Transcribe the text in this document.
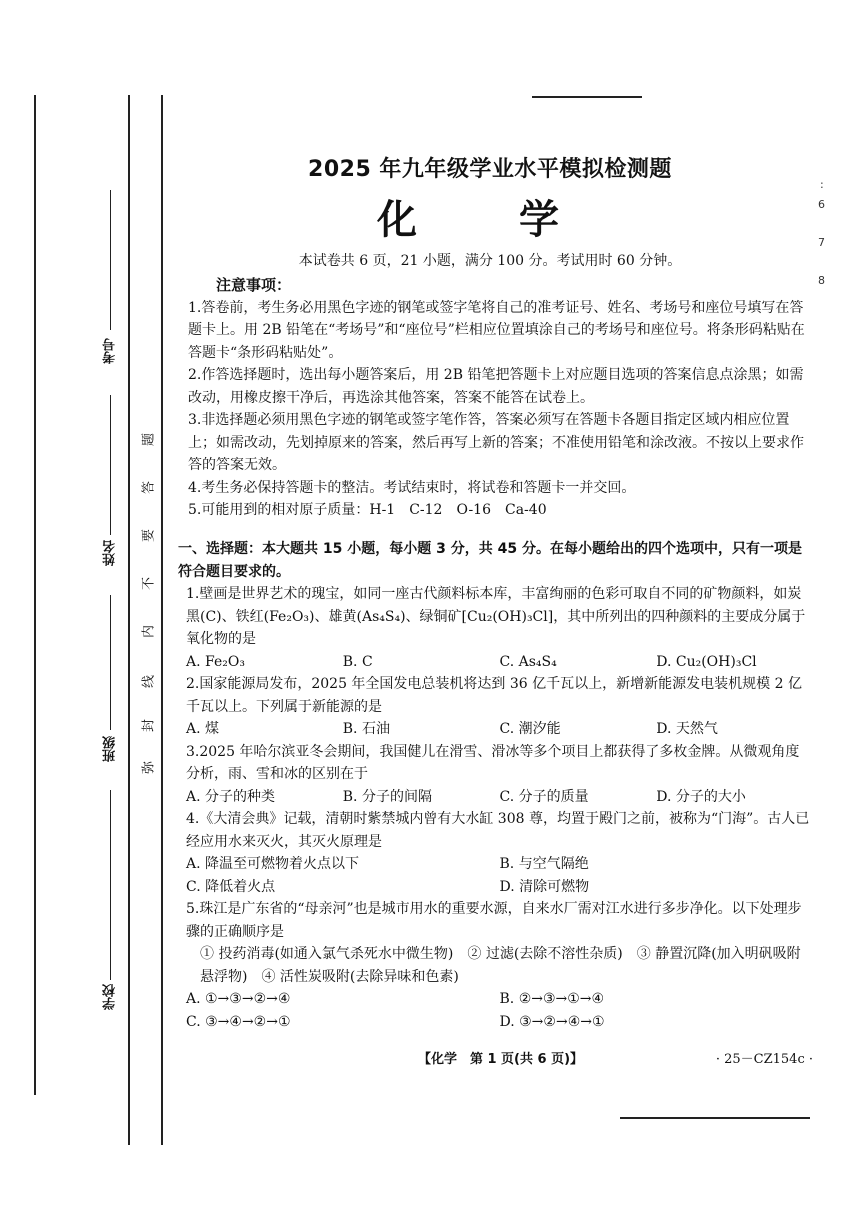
考号
姓名
班级
学校
题
答
要
不
内
线
封
弥
:
6
7
8
2025 年九年级学业水平模拟检测题
化 学
本试卷共 6 页，21 小题，满分 100 分。考试用时 60 分钟。
注意事项：

1.答卷前，考生务必用黑色字迹的钢笔或签字笔将自己的准考证号、姓名、考场号和座位号填写在答题卡上。用 2B 铅笔在“考场号”和“座位号”栏相应位置填涂自己的考场号和座位号。将条形码粘贴在答题卡“条形码粘贴处”。

2.作答选择题时，选出每小题答案后，用 2B 铅笔把答题卡上对应题目选项的答案信息点涂黑；如需改动，用橡皮擦干净后，再选涂其他答案，答案不能答在试卷上。

3.非选择题必须用黑色字迹的钢笔或签字笔作答，答案必须写在答题卡各题目指定区域内相应位置上；如需改动，先划掉原来的答案，然后再写上新的答案；不准使用铅笔和涂改液。不按以上要求作答的答案无效。

4.考生务必保持答题卡的整洁。考试结束时，将试卷和答题卡一并交回。

5.可能用到的相对原子质量：H-1　C-12　O-16　Ca-40

一、选择题：本大题共 15 小题，每小题 3 分，共 45 分。在每小题给出的四个选项中，只有一项是符合题目要求的。

1.壁画是世界艺术的瑰宝，如同一座古代颜料标本库，丰富绚丽的色彩可取自不同的矿物颜料，如炭黑(C)、铁红(Fe₂O₃)、雄黄(As₄S₄)、绿铜矿[Cu₂(OH)₃Cl]，其中所列出的四种颜料的主要成分属于氧化物的是

A. Fe₂O₃	B. C	C. As₄S₄	D. Cu₂(OH)₃Cl

2.国家能源局发布，2025 年全国发电总装机将达到 36 亿千瓦以上，新增新能源发电装机规模 2 亿千瓦以上。下列属于新能源的是

A. 煤	B. 石油	C. 潮汐能	D. 天然气

3.2025 年哈尔滨亚冬会期间，我国健儿在滑雪、滑冰等多个项目上都获得了多枚金牌。从微观角度分析，雨、雪和冰的区别在于

A. 分子的种类	B. 分子的间隔	C. 分子的质量	D. 分子的大小

4.《大清会典》记载，清朝时紫禁城内曾有大水缸 308 尊，均置于殿门之前，被称为“门海”。古人已经应用水来灭火，其灭火原理是

A. 降温至可燃物着火点以下	B. 与空气隔绝
C. 降低着火点	D. 清除可燃物

5.珠江是广东省的“母亲河”也是城市用水的重要水源，自来水厂需对江水进行多步净化。以下处理步骤的正确顺序是

① 投药消毒(如通入氯气杀死水中微生物)　② 过滤(去除不溶性杂质)　③ 静置沉降(加入明矾吸附悬浮物)　④ 活性炭吸附(去除异味和色素)

A. ①→③→②→④	B. ②→③→①→④
C. ③→④→②→①	D. ③→②→④→①
【化学　第 1 页(共 6 页)】	· 25－CZ154c ·
